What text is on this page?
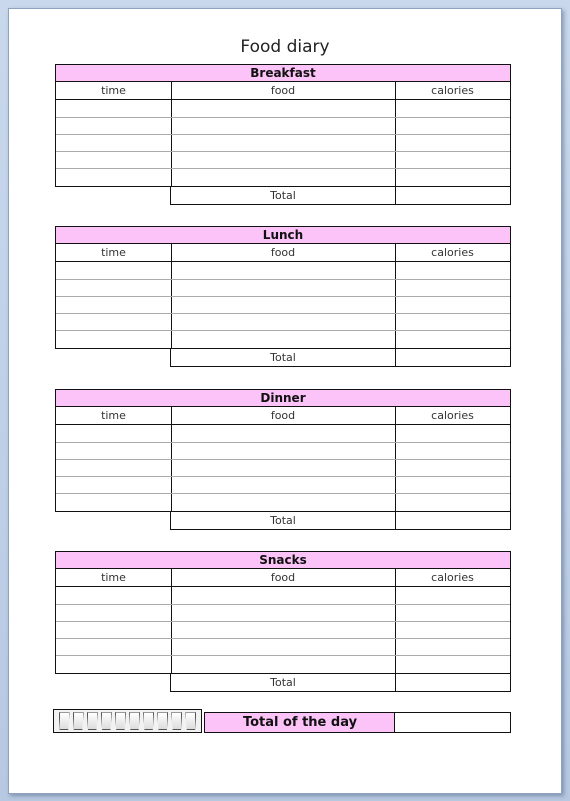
Food diary
Breakfast
time	food	calories
Total
Lunch
time	food	calories
Total
Dinner
time	food	calories
Total
Snacks
time	food	calories
Total
Total of the day
